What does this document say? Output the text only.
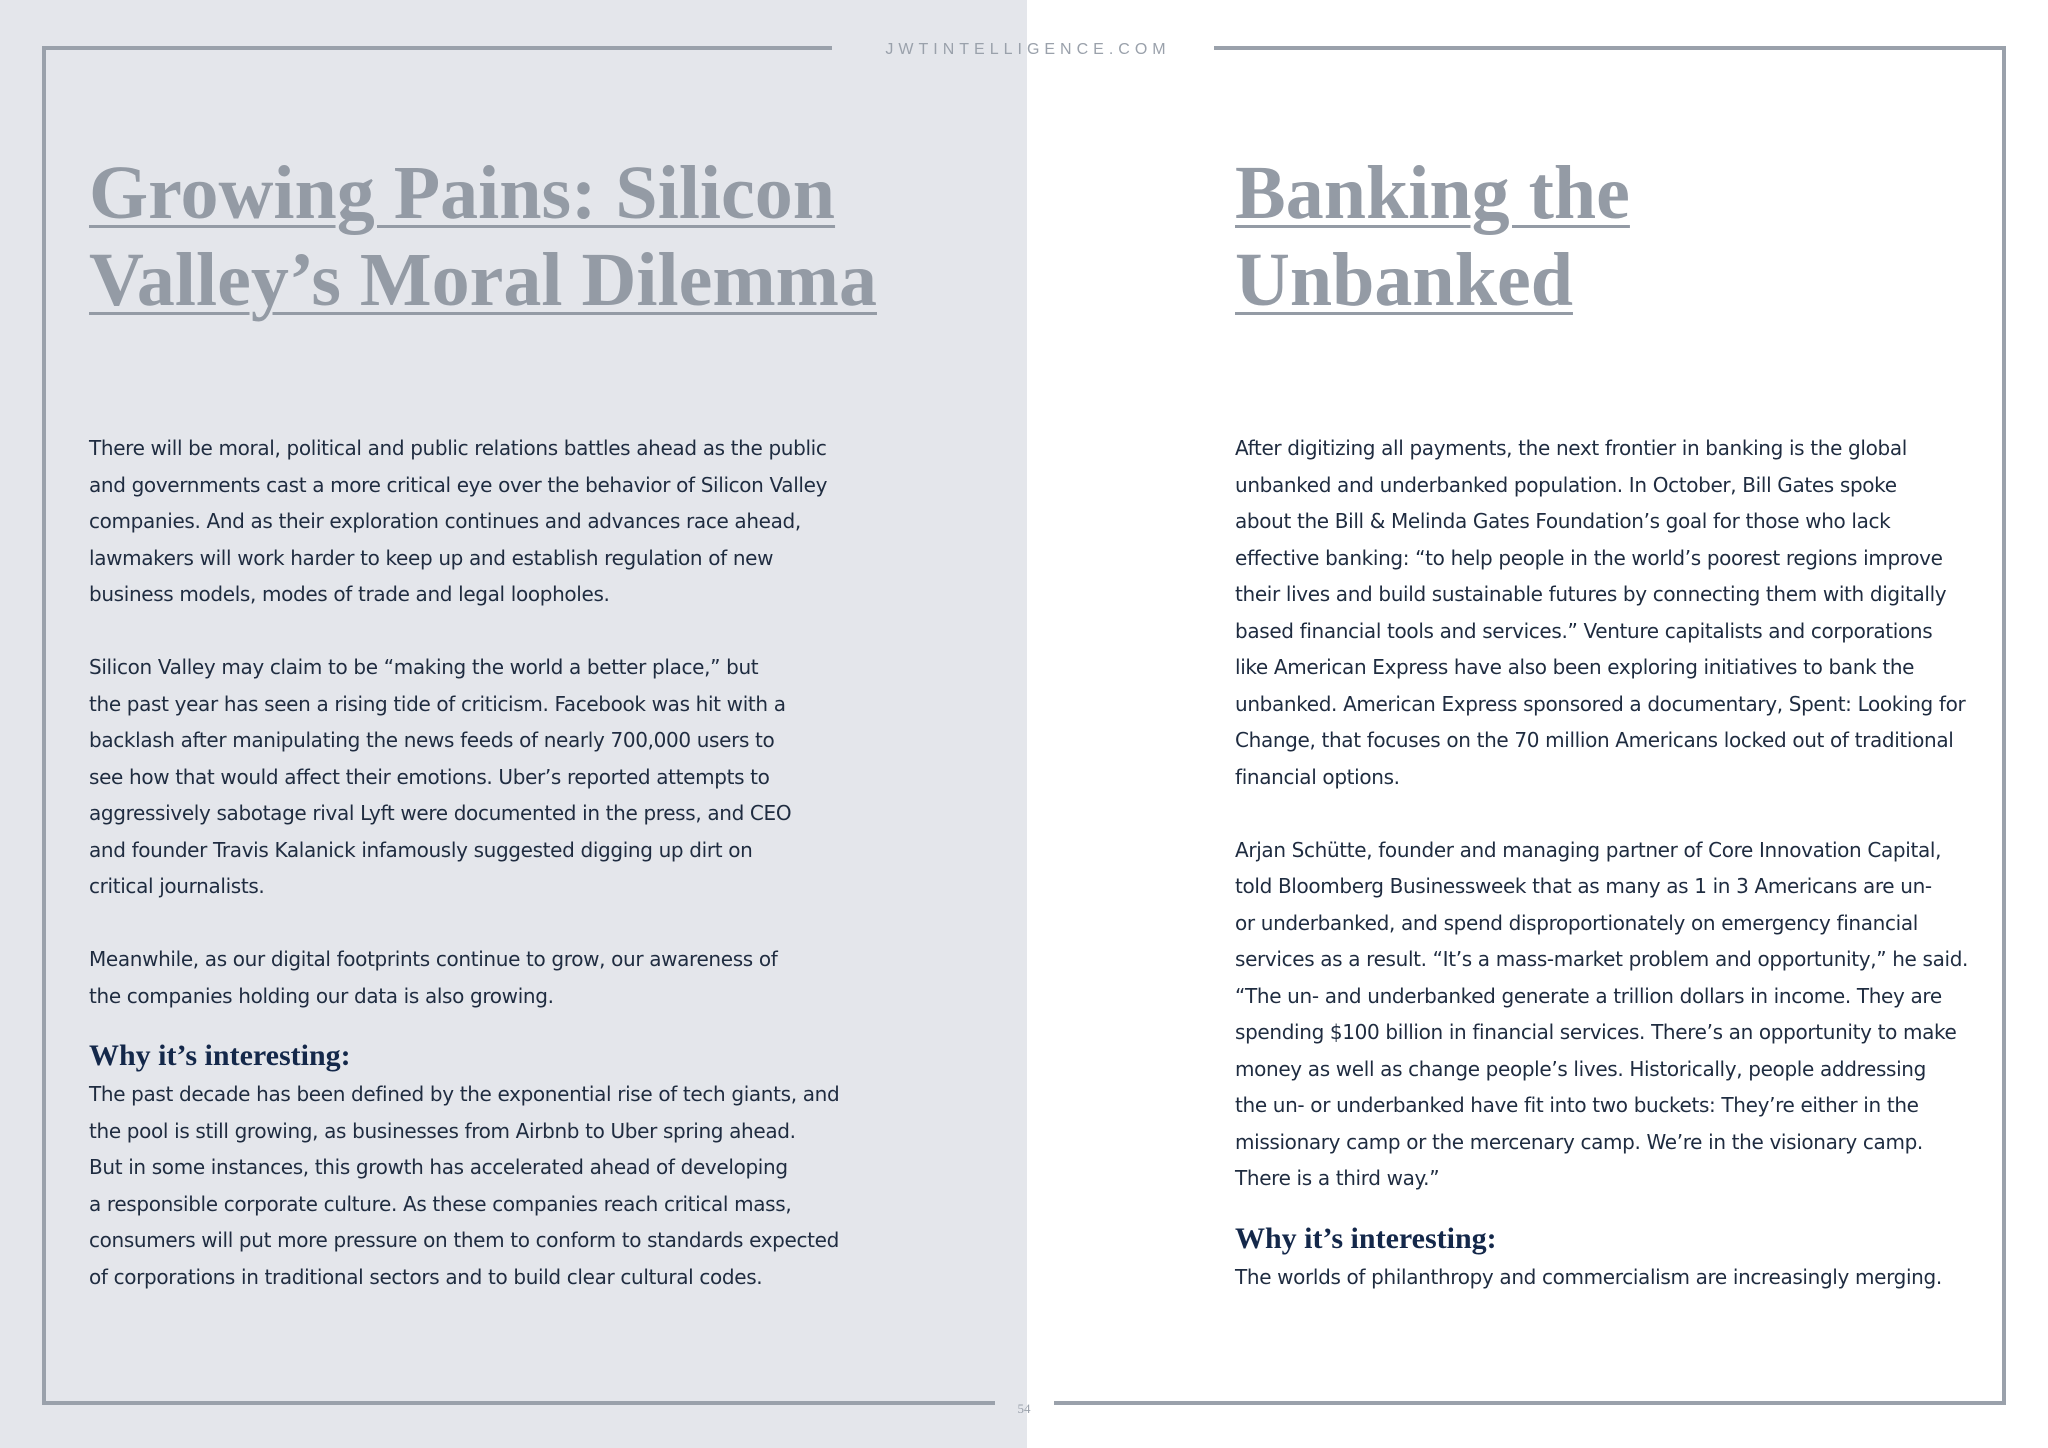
JWTINTELLIGENCE.COM
54
Growing Pains: Silicon
Valley’s Moral Dilemma

There will be moral, political and public relations battles ahead as the public
and governments cast a more critical eye over the behavior of Silicon Valley
companies. And as their exploration continues and advances race ahead,
lawmakers will work harder to keep up and establish regulation of new
business models, modes of trade and legal loopholes.

Silicon Valley may claim to be “making the world a better place,” but
the past year has seen a rising tide of criticism. Facebook was hit with a
backlash after manipulating the news feeds of nearly 700,000 users to
see how that would affect their emotions. Uber’s reported attempts to
aggressively sabotage rival Lyft were documented in the press, and CEO
and founder Travis Kalanick infamously suggested digging up dirt on
critical journalists.

Meanwhile, as our digital footprints continue to grow, our awareness of
the companies holding our data is also growing.

Why it’s interesting:

The past decade has been defined by the exponential rise of tech giants, and
the pool is still growing, as businesses from Airbnb to Uber spring ahead.
But in some instances, this growth has accelerated ahead of developing
a responsible corporate culture. As these companies reach critical mass,
consumers will put more pressure on them to conform to standards expected
of corporations in traditional sectors and to build clear cultural codes.

Banking the
Unbanked

After digitizing all payments, the next frontier in banking is the global
unbanked and underbanked population. In October, Bill Gates spoke
about the Bill & Melinda Gates Foundation’s goal for those who lack
effective banking: “to help people in the world’s poorest regions improve
their lives and build sustainable futures by connecting them with digitally
based financial tools and services.” Venture capitalists and corporations
like American Express have also been exploring initiatives to bank the
unbanked. American Express sponsored a documentary, Spent: Looking for
Change, that focuses on the 70 million Americans locked out of traditional
financial options.

Arjan Schütte, founder and managing partner of Core Innovation Capital,
told Bloomberg Businessweek that as many as 1 in 3 Americans are un-
or underbanked, and spend disproportionately on emergency financial
services as a result. “It’s a mass-market problem and opportunity,” he said.
“The un- and underbanked generate a trillion dollars in income. They are
spending $100 billion in financial services. There’s an opportunity to make
money as well as change people’s lives. Historically, people addressing
the un- or underbanked have fit into two buckets: They’re either in the
missionary camp or the mercenary camp. We’re in the visionary camp.
There is a third way.”

Why it’s interesting:

The worlds of philanthropy and commercialism are increasingly merging.
